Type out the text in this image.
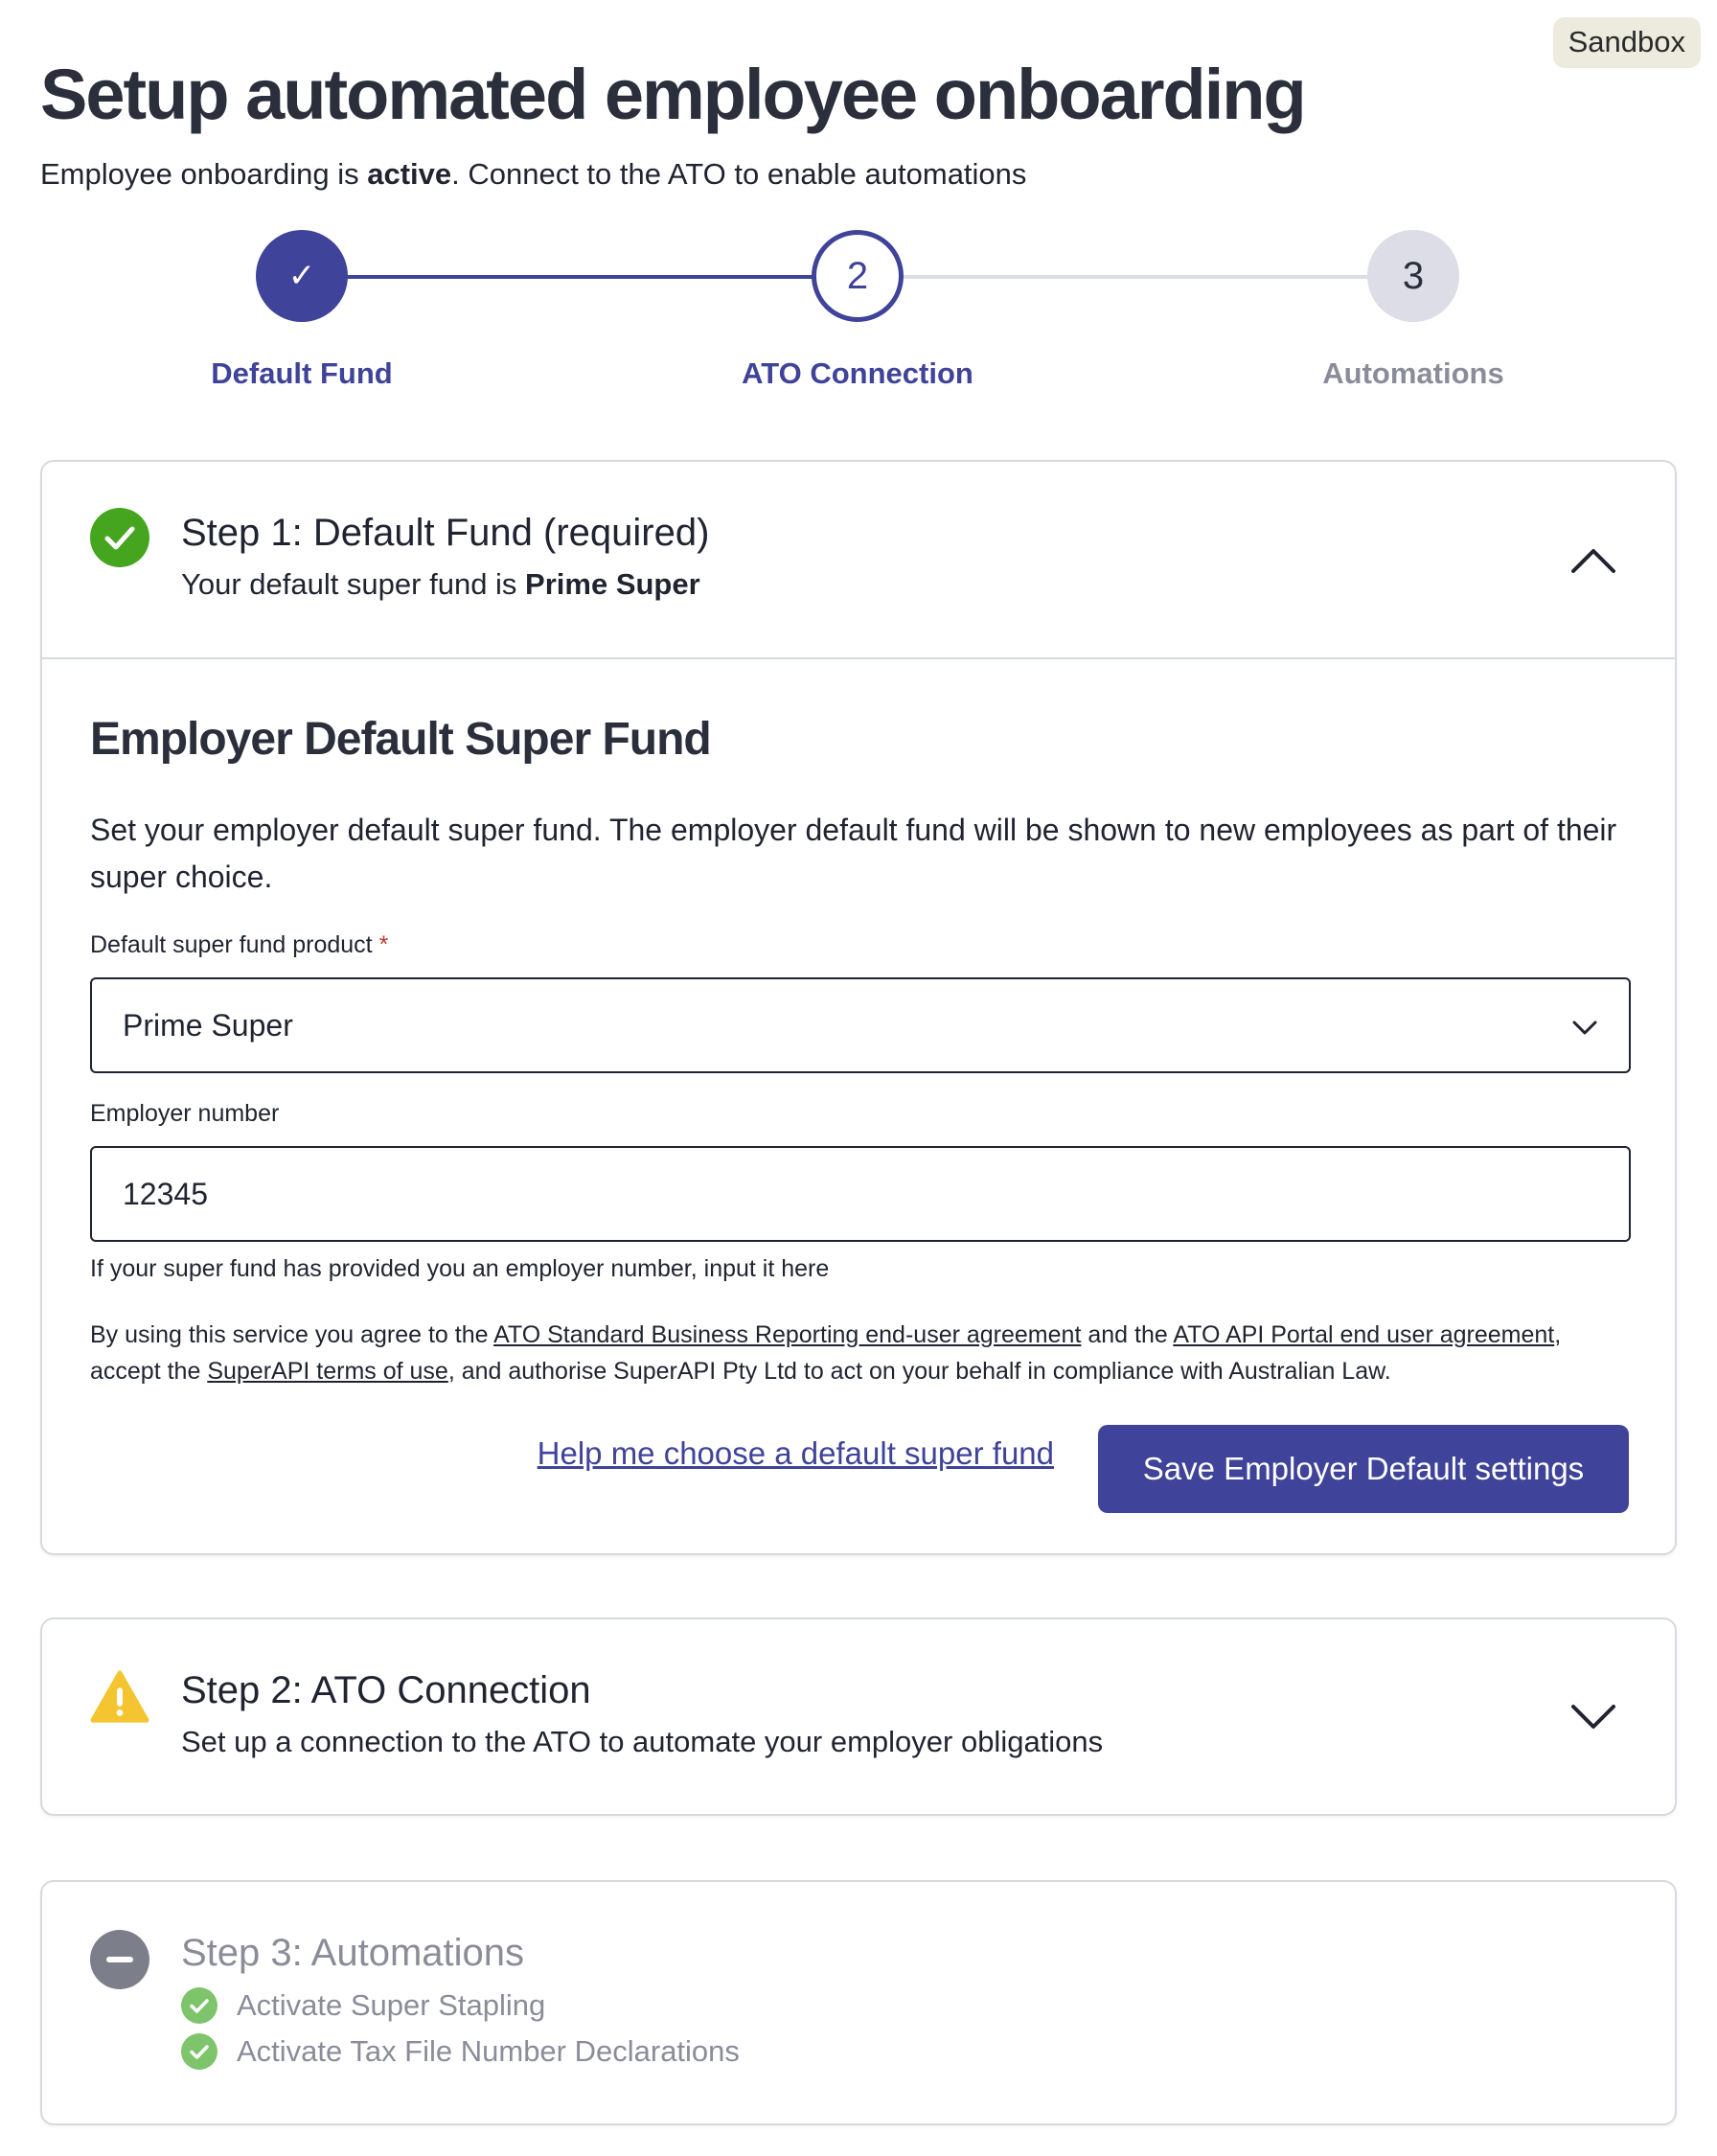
Sandbox
Setup automated employee onboarding
Employee onboarding is active. Connect to the ATO to enable automations
✓	2	3
Default Fund	ATO Connection	Automations
Step 1: Default Fund (required)
Your default super fund is Prime Super
Employer Default Super Fund

Set your employer default super fund. The employer default fund will be shown to new employees as part of their super choice.

Default super fund product *
Prime Super
Employer number
12345
If your super fund has provided you an employer number, input it here
By using this service you agree to the ATO Standard Business Reporting end-user agreement and the ATO API Portal end user agreement,
accept the SuperAPI terms of use, and authorise SuperAPI Pty Ltd to act on your behalf in compliance with Australian Law.
Help me choose a default super fund	Save Employer Default settings
Step 2: ATO Connection
Set up a connection to the ATO to automate your employer obligations
Step 3: Automations
Activate Super Stapling
Activate Tax File Number Declarations
